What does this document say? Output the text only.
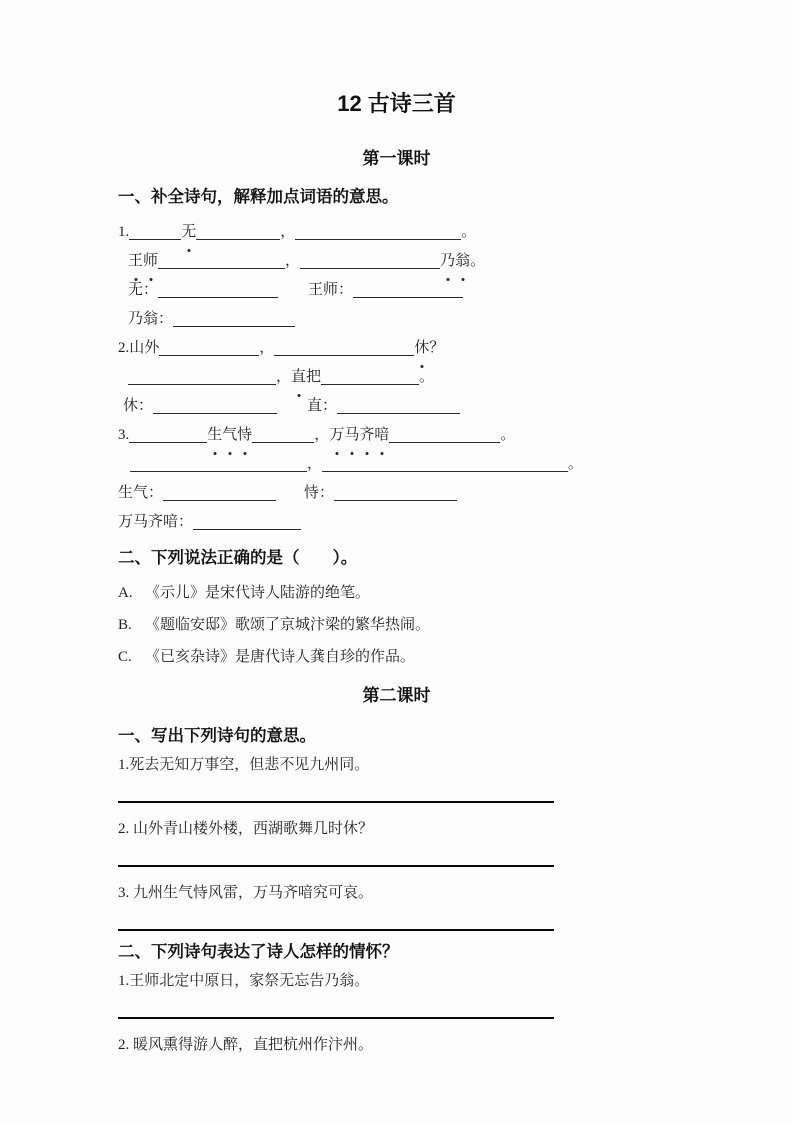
12 古诗三首
第一课时
一、补全诗句，解释加点词语的意思。
1.	无	，	。
王师	，	乃翁。
无：	王师：
乃翁：
2.山外	，	休？
，直把	。
休：	直：
3.	生气恃	，万马齐喑	。
，	。
生气：	恃：
万马齐喑：
二、下列说法正确的是（　　）。
A. 《示儿》是宋代诗人陆游的绝笔。
B. 《题临安邸》歌颂了京城汴梁的繁华热闹。
C. 《已亥杂诗》是唐代诗人龚自珍的作品。
第二课时
一、写出下列诗句的意思。

1.死去无知万事空，但悲不见九州同。

2. 山外青山楼外楼，西湖歌舞几时休？

3. 九州生气恃风雷，万马齐喑究可哀。

二、下列诗句表达了诗人怎样的情怀？

1.王师北定中原日，家祭无忘告乃翁。

2. 暖风熏得游人醉，直把杭州作汴州。
